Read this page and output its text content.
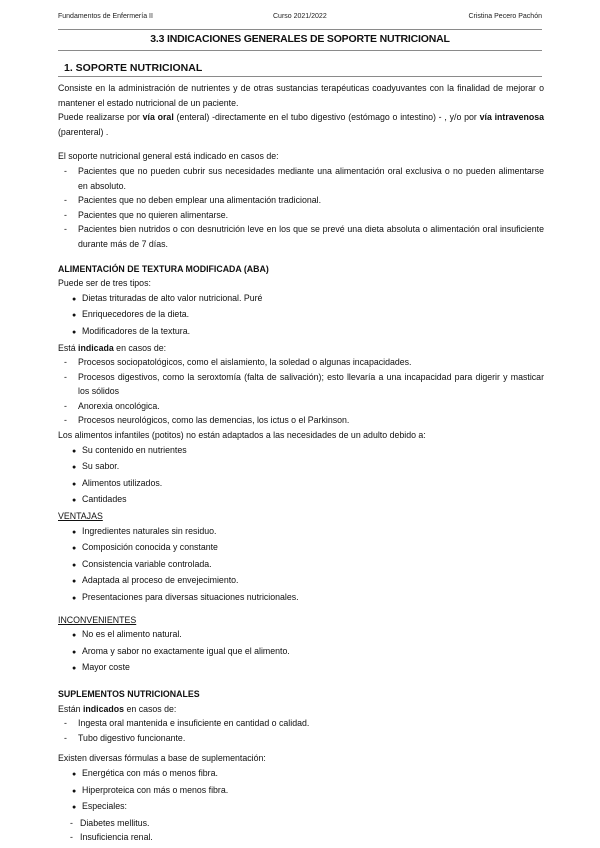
Fundamentos de Enfermería II	Curso 2021/2022	Cristina Pecero Pachón
3.3 INDICACIONES GENERALES DE SOPORTE NUTRICIONAL
1. SOPORTE NUTRICIONAL
Consiste en la administración de nutrientes y de otras sustancias terapéuticas coadyuvantes con la finalidad de mejorar o mantener el estado nutricional de un paciente.
Puede realizarse por vía oral (enteral) -directamente en el tubo digestivo (estómago o intestino) - , y/o por vía intravenosa (parenteral) .
El soporte nutricional general está indicado en casos de:
- Pacientes que no pueden cubrir sus necesidades mediante una alimentación oral exclusiva o no pueden alimentarse en absoluto.
- Pacientes que no deben emplear una alimentación tradicional.
- Pacientes que no quieren alimentarse.
- Pacientes bien nutridos o con desnutrición leve en los que se prevé una dieta absoluta o alimentación oral insuficiente durante más de 7 días.
ALIMENTACIÓN DE TEXTURA MODIFICADA (ABA)
Puede ser de tres tipos:
● Dietas trituradas de alto valor nutricional. Puré
● Enriquecedores de la dieta.
● Modificadores de la textura.
Está indicada en casos de:
- Procesos sociopatológicos, como el aislamiento, la soledad o algunas incapacidades.
- Procesos digestivos, como la seroxtomía (falta de salivación); esto llevaría a una incapacidad para digerir y masticar los sólidos
- Anorexia oncológica.
- Procesos neurológicos, como las demencias, los ictus o el Parkinson.
Los alimentos infantiles (potitos) no están adaptados a las necesidades de un adulto debido a:
● Su contenido en nutrientes
● Su sabor.
● Alimentos utilizados.
● Cantidades
VENTAJAS
● Ingredientes naturales sin residuo.
● Composición conocida y constante
● Consistencia variable controlada.
● Adaptada al proceso de envejecimiento.
● Presentaciones para diversas situaciones nutricionales.
INCONVENIENTES
● No es el alimento natural.
● Aroma y sabor no exactamente igual que el alimento.
● Mayor coste
SUPLEMENTOS NUTRICIONALES
Están indicados en casos de:
- Ingesta oral mantenida e insuficiente en cantidad o calidad.
- Tubo digestivo funcionante.
Existen diversas fórmulas a base de suplementación:
● Energética con más o menos fibra.
● Hiperproteica con más o menos fibra.
● Especiales:
- Diabetes mellitus.
- Insuficiencia renal.
